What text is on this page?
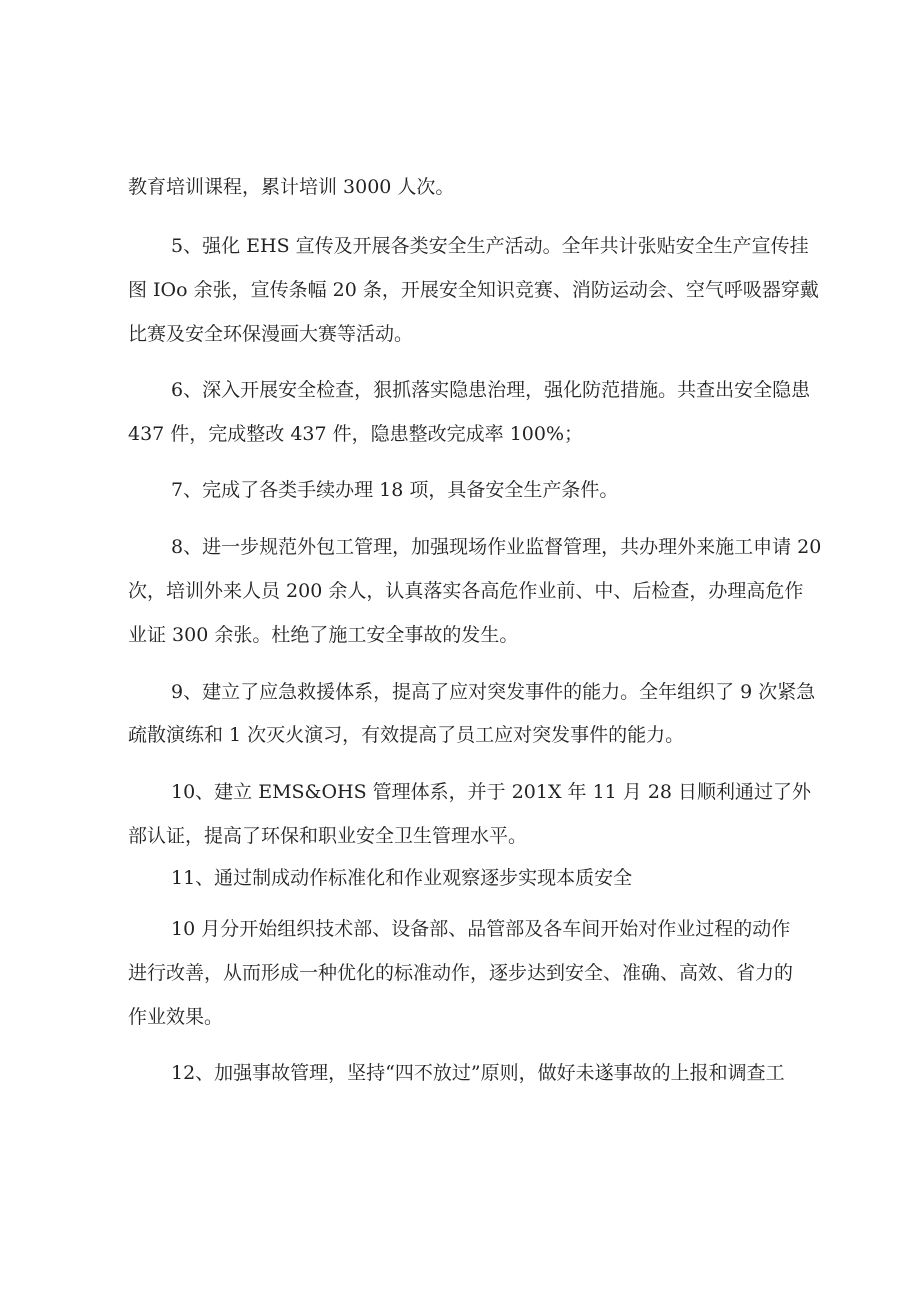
教育培训课程，累计培训 3000 人次。
5、强化 EHS 宣传及开展各类安全生产活动。全年共计张贴安全生产宣传挂
图 IOo 余张，宣传条幅 20 条，开展安全知识竞赛、消防运动会、空气呼吸器穿戴
比赛及安全环保漫画大赛等活动。
6、深入开展安全检查，狠抓落实隐患治理，强化防范措施。共查出安全隐患
437 件，完成整改 437 件，隐患整改完成率 100%；
7、完成了各类手续办理 18 项，具备安全生产条件。
8、进一步规范外包工管理，加强现场作业监督管理，共办理外来施工申请 20
次，培训外来人员 200 余人，认真落实各高危作业前、中、后检查，办理高危作
业证 300 余张。杜绝了施工安全事故的发生。
9、建立了应急救援体系，提高了应对突发事件的能力。全年组织了 9 次紧急
疏散演练和 1 次灭火演习，有效提高了员工应对突发事件的能力。
10、建立 EMS&OHS 管理体系，并于 201X 年 11 月 28 日顺利通过了外
部认证，提高了环保和职业安全卫生管理水平。
11、通过制成动作标准化和作业观察逐步实现本质安全
10 月分开始组织技术部、设备部、品管部及各车间开始对作业过程的动作
进行改善，从而形成一种优化的标准动作，逐步达到安全、准确、高效、省力的
作业效果。
12、加强事故管理，坚持“四不放过”原则，做好未遂事故的上报和调查工
